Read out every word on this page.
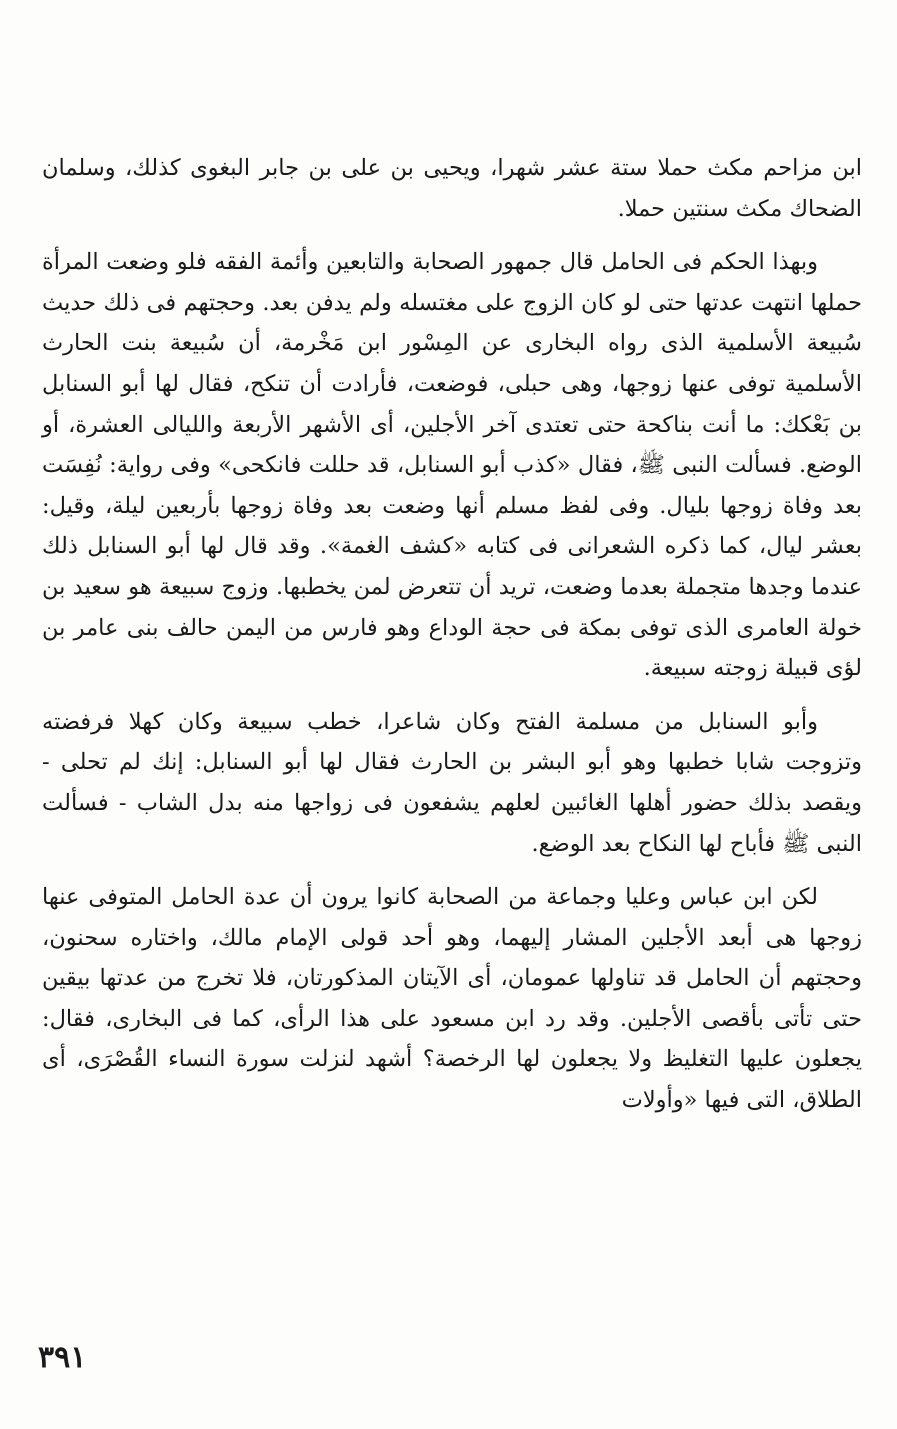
ابن مزاحم مكث حملا ستة عشر شهرا، ويحيى بن على بن جابر البغوى كذلك، وسلمان الضحاك مكث سنتين حملا.

وبهذا الحكم فى الحامل قال جمهور الصحابة والتابعين وأئمة الفقه فلو وضعت المرأة حملها انتهت عدتها حتى لو كان الزوج على مغتسله ولم يدفن بعد. وحجتهم فى ذلك حديث سُبيعة الأسلمية الذى رواه البخارى عن المِسْور ابن مَخْرمة، أن سُبيعة بنت الحارث الأسلمية توفى عنها زوجها، وهى حبلى، فوضعت، فأرادت أن تنكح، فقال لها أبو السنابل بن بَعْكك: ما أنت بناكحة حتى تعتدى آخر الأجلين، أى الأشهر الأربعة والليالى العشرة، أو الوضع. فسألت النبى ﷺ، فقال «كذب أبو السنابل، قد حللت فانكحى» وفى رواية: نُفِسَت بعد وفاة زوجها بليال. وفى لفظ مسلم أنها وضعت بعد وفاة زوجها بأربعين ليلة، وقيل: بعشر ليال، كما ذكره الشعرانى فى كتابه «كشف الغمة». وقد قال لها أبو السنابل ذلك عندما وجدها متجملة بعدما وضعت، تريد أن تتعرض لمن يخطبها. وزوج سبيعة هو سعيد بن خولة العامرى الذى توفى بمكة فى حجة الوداع وهو فارس من اليمن حالف بنى عامر بن لؤى قبيلة زوجته سبيعة.

وأبو السنابل من مسلمة الفتح وكان شاعرا، خطب سبيعة وكان كهلا فرفضته وتزوجت شابا خطبها وهو أبو البشر بن الحارث فقال لها أبو السنابل: إنك لم تحلى - ويقصد بذلك حضور أهلها الغائبين لعلهم يشفعون فى زواجها منه بدل الشاب - فسألت النبى ﷺ فأباح لها النكاح بعد الوضع.

لكن ابن عباس وعليا وجماعة من الصحابة كانوا يرون أن عدة الحامل المتوفى عنها زوجها هى أبعد الأجلين المشار إليهما، وهو أحد قولى الإمام مالك، واختاره سحنون، وحجتهم أن الحامل قد تناولها عمومان، أى الآيتان المذكورتان، فلا تخرج من عدتها بيقين حتى تأتى بأقصى الأجلين. وقد رد ابن مسعود على هذا الرأى، كما فى البخارى، فقال: يجعلون عليها التغليظ ولا يجعلون لها الرخصة؟ أشهد لنزلت سورة النساء القُصْرَى، أى الطلاق، التى فيها «وأولات

٣٩١
